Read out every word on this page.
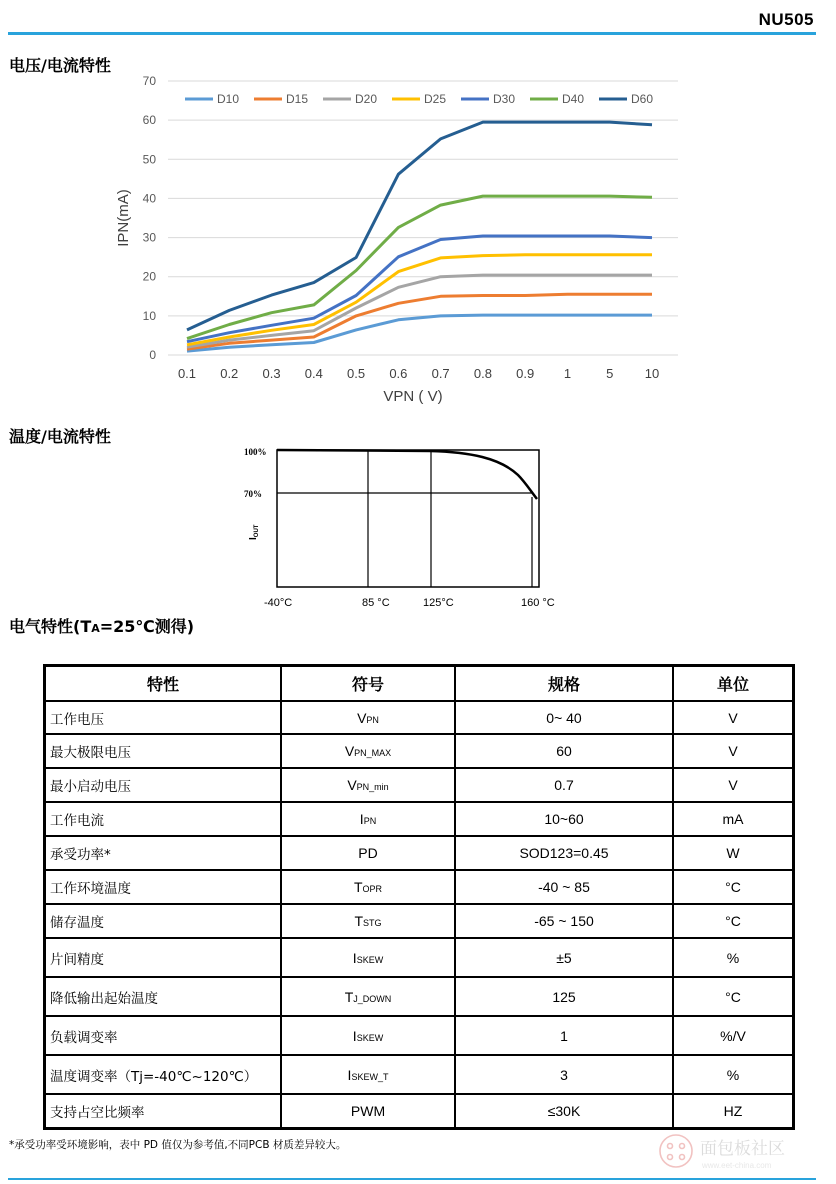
NU505
电压/电流特性
0
10
20
30
40
50
60
70
0.1 0.2 0.3 0.4 0.5 0.6 0.7 0.8 0.9 1	5 10
VPN ( V)
IPN(mA)
D10	D15	D20	D25	D30	D40	D60
温度/电流特性
100%
70%
$I_{OUT}$
-40°C	85 °C	125°C	160 °C
电气特性(TA=25℃测得)
特性	符号	规格	单位
工作电压	VPN	0~ 40	V
最大极限电压	VPN_MAX	60	V
最小启动电压	VPN_min	0.7	V
工作电流	IPN	10~60	mA
承受功率*	PD	SOD123=0.45	W
工作环境温度	TOPR	-40 ~ 85	°C
储存温度	TSTG	-65 ~ 150	°C
片间精度	ISKEW	±5	%
降低输出起始温度	TJ_DOWN	125	°C
负载调变率	ISKEW	1	%/V
温度调变率（Tj=-40℃~120℃）	ISKEW_T	3	%
支持占空比频率	PWM	≤30K	HZ
*承受功率受环境影响，表中 PD 值仅为参考值,不同PCB 材质差异较大。	面包板社区
www.eet-china.com
